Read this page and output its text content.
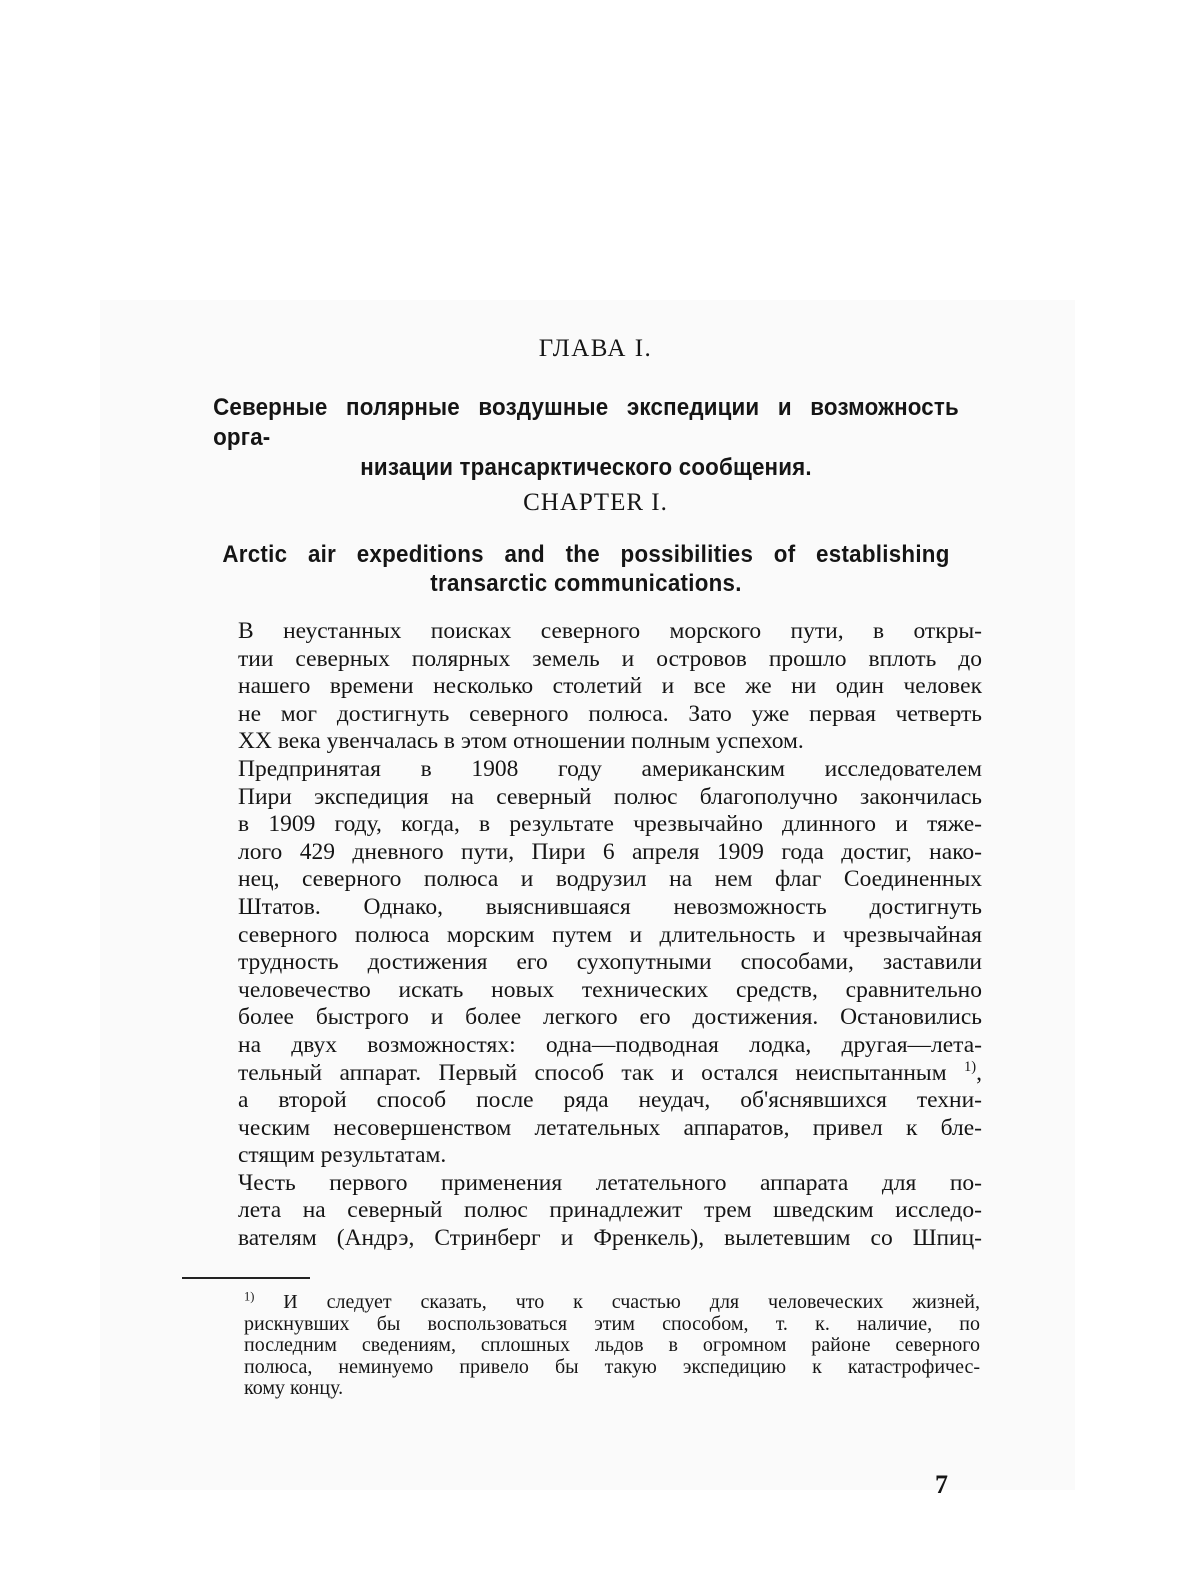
ГЛАВА I.
Северные полярные воздушные экспедиции и возможность орга-
низации трансарктического сообщения.
CHAPTER I.
Arctic air expeditions and the possibilities of establishing
transarctic communications.

В неустанных поисках северного морского пути, в откры-
тии северных полярных земель и островов прошло вплоть до
нашего времени несколько столетий и все же ни один человек
не мог достигнуть северного полюса. Зато уже первая четверть
XX века увенчалась в этом отношении полным успехом.

Предпринятая в 1908 году американским исследователем
Пири экспедиция на северный полюс благополучно закончилась
в 1909 году, когда, в результате чрезвычайно длинного и тяже-
лого 429 дневного пути, Пири 6 апреля 1909 года достиг, нако-
нец, северного полюса и водрузил на нем флаг Соединенных
Штатов. Однако, выяснившаяся невозможность достигнуть
северного полюса морским путем и длительность и чрезвычайная
трудность достижения его сухопутными способами, заставили
человечество искать новых технических средств, сравнительно
более быстрого и более легкого его достижения. Остановились
на двух возможностях: одна—подводная лодка, другая—лета-
тельный аппарат. Первый способ так и остался неиспытанным $^{1)}$,
а второй способ после ряда неудач, об'яснявшихся техни-
ческим несовершенством летательных аппаратов, привел к бле-
стящим результатам.

Честь первого применения летательного аппарата для по-
лета на северный полюс принадлежит трем шведским исследо-
вателям (Андрэ, Стринберг и Френкель), вылетевшим со Шпиц-

$^{1)}$ И следует сказать, что к счастью для человеческих жизней,
рискнувших бы воспользоваться этим способом, т. к. наличие, по
последним сведениям, сплошных льдов в огромном районе северного
полюса, неминуемо привело бы такую экспедицию к катастрофичес-
кому концу.

7
